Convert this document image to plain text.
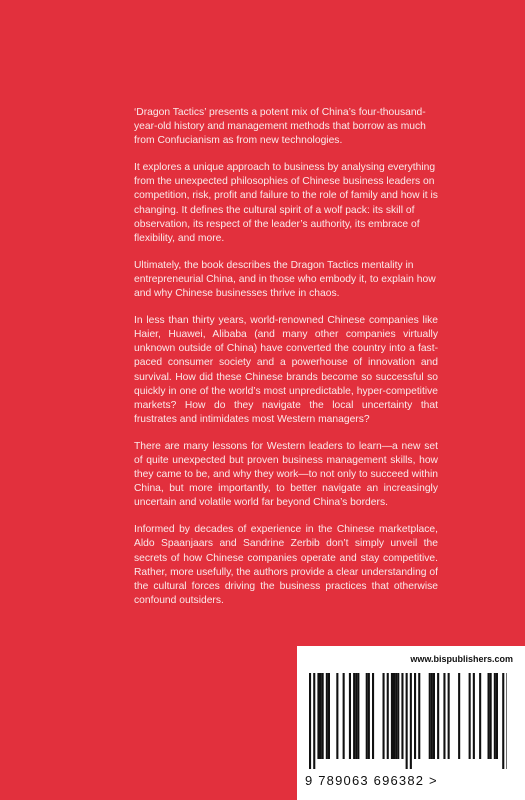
‘Dragon Tactics’ presents a potent mix of China’s four-thousand-year-old history and management methods that borrow as much from Confucianism as from new technologies.

It explores a unique approach to business by analysing everything from the unexpected philosophies of Chinese business leaders on competition, risk, profit and failure to the role of family and how it is changing. It defines the cultural spirit of a wolf pack: its skill of observation, its respect of the leader’s authority, its embrace of flexibility, and more.

Ultimately, the book describes the Dragon Tactics mentality in entrepreneurial China, and in those who embody it, to explain how and why Chinese businesses thrive in chaos.

In less than thirty years, world-renowned Chinese companies like Haier, Huawei, Alibaba (and many other companies virtually unknown outside of China) have converted the country into a fast-paced consumer society and a powerhouse of innovation and survival. How did these Chinese brands become so successful so quickly in one of the world’s most unpredictable, hyper-competitive markets? How do they navigate the local uncertainty that frustrates and intimidates most Western managers?

There are many lessons for Western leaders to learn—a new set of quite unexpected but proven business management skills, how they came to be, and why they work—to not only to succeed within China, but more importantly, to better navigate an increasingly uncertain and volatile world far beyond China’s borders.

Informed by decades of experience in the Chinese marketplace, Aldo Spaanjaars and Sandrine Zerbib don’t simply unveil the secrets of how Chinese companies operate and stay competitive. Rather, more usefully, the authors provide a clear understanding of the cultural forces driving the business practices that otherwise confound outsiders.

www.bispublishers.com
9 789063 696382 >
